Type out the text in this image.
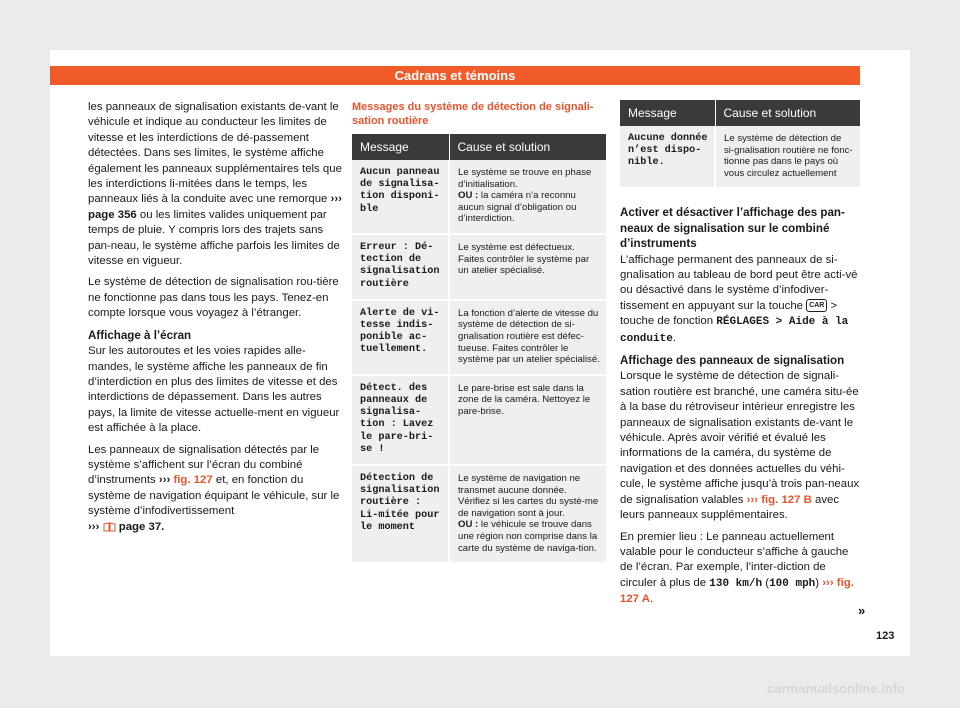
Cadrans et témoins

les panneaux de signalisation existants de-vant le véhicule et indique au conducteur les limites de vitesse et les interdictions de dé-passement détectées. Dans ses limites, le système affiche également les panneaux supplémentaires tels que les interdictions li-mitées dans le temps, les panneaux liés à la conduite avec une remorque ››› page 356 ou les limites valides uniquement par temps de pluie. Y compris lors des trajets sans pan-neau, le système affiche parfois les limites de vitesse en vigueur.

Le système de détection de signalisation rou-tière ne fonctionne pas dans tous les pays. Tenez-en compte lorsque vous voyagez à l’étranger.

Affichage à l’écran

Sur les autoroutes et les voies rapides alle-mandes, le système affiche les panneaux de fin d’interdiction en plus des limites de vitesse et des interdictions de dépassement. Dans les autres pays, la limite de vitesse actuelle-ment en vigueur est affichée à la place.

Les panneaux de signalisation détectés par le système s’affichent sur l’écran du combiné d’instruments ››› fig. 127 et, en fonction du système de navigation équipant le véhicule, sur le système d’infodivertissement
››› page 37.

Messages du système de détection de signali-sation routière
Message	Cause et solution
Aucun panneau de signalisa-tion disponi-ble	Le système se trouve en phase d’initialisation.
OU : la caméra n’a reconnu aucun signal d’obligation ou d’interdiction.
Erreur : Dé-tection de signalisation routière	Le système est défectueux. Faites contrôler le système par un atelier spécialisé.
Alerte de vi-tesse indis-ponible ac-tuellement.	La fonction d’alerte de vitesse du système de détection de si-gnalisation routière est défec-tueuse. Faites contrôler le système par un atelier spécialisé.
Détect. des panneaux de signalisa-tion : Lavez le pare-bri-se !	Le pare-brise est sale dans la zone de la caméra. Nettoyez le pare-brise.
Détection de signalisation routière : Li-mitée pour le moment	Le système de navigation ne transmet aucune donnée. Vérifiez si les cartes du systè-me de navigation sont à jour.
OU : le véhicule se trouve dans une région non comprise dans la carte du système de naviga-tion.
Message	Cause et solution
Aucune donnée n’est dispo-nible.	Le système de détection de si-gnalisation routière ne fonc-tionne pas dans le pays où vous circulez actuellement
Activer et désactiver l’affichage des pan-neaux de signalisation sur le combiné d’instruments

L’affichage permanent des panneaux de si-gnalisation au tableau de bord peut être acti-vé ou désactivé dans le système d’infodiver-tissement en appuyant sur la touche CAR > touche de fonction RÉGLAGES > Aide à la conduite.

Affichage des panneaux de signalisation

Lorsque le système de détection de signali-sation routière est branché, une caméra situ-ée à la base du rétroviseur intérieur enregistre les panneaux de signalisation existants de-vant le véhicule. Après avoir vérifié et évalué les informations de la caméra, du système de navigation et des données actuelles du véhi-cule, le système affiche jusqu’à trois pan-neaux de signalisation valables ››› fig. 127 B avec leurs panneaux supplémentaires.

En premier lieu : Le panneau actuellement valable pour le conducteur s’affiche à gauche de l’écran. Par exemple, l’inter-diction de circuler à plus de 130 km/h (100 mph) ››› fig. 127 A.

»
123
carmanualsonline.info
